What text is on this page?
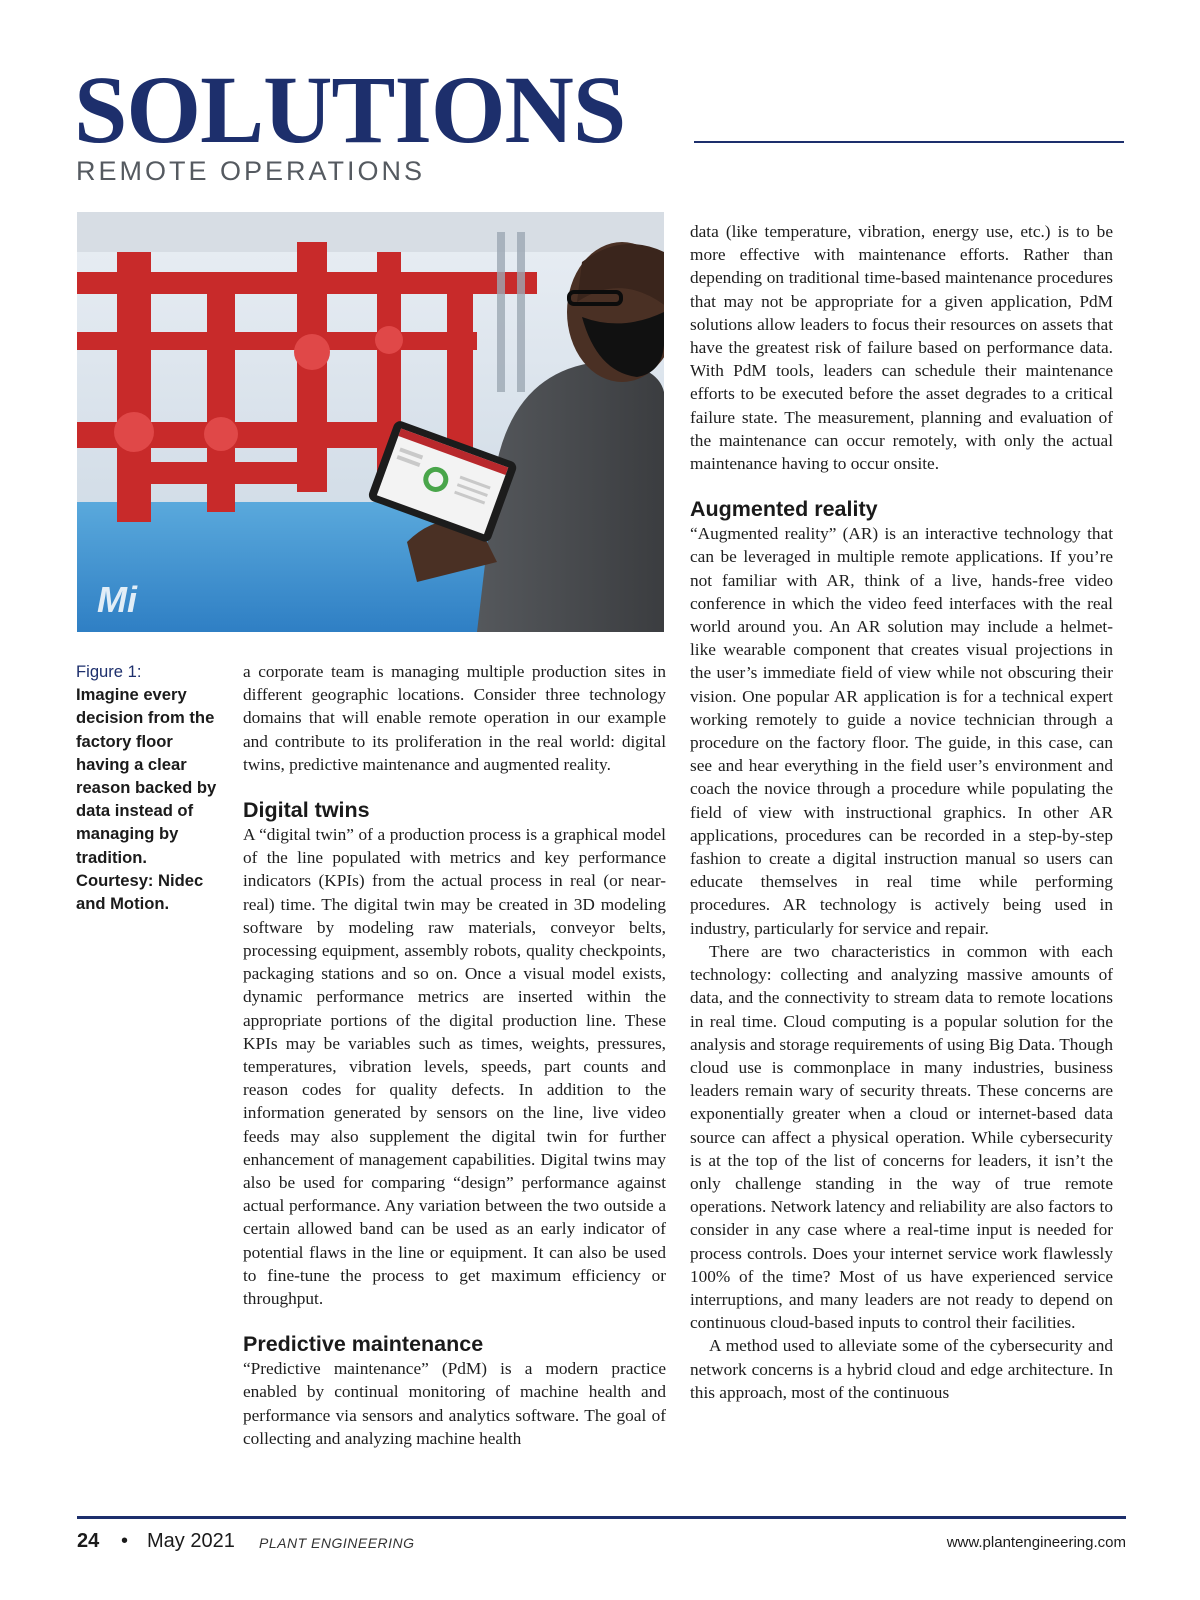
SOLUTIONS
REMOTE OPERATIONS
Mi
Figure 1:
Imagine every decision from the factory floor having a clear reason backed by data instead of managing by tradition. Courtesy: Nidec and Motion.

a corporate team is managing multiple production sites in different geographic locations. Consider three technology domains that will enable remote operation in our example and contribute to its proliferation in the real world: digital twins, predictive maintenance and augmented reality.

Digital twins

A “digital twin” of a production process is a graphical model of the line populated with metrics and key performance indicators (KPIs) from the actual process in real (or near-real) time. The digital twin may be created in 3D modeling software by modeling raw materials, conveyor belts, processing equipment, assembly robots, quality checkpoints, packaging stations and so on. Once a visual model exists, dynamic performance metrics are inserted within the appropriate portions of the digital production line. These KPIs may be variables such as times, weights, pressures, temperatures, vibration levels, speeds, part counts and reason codes for quality defects. In addition to the information generated by sensors on the line, live video feeds may also supplement the digital twin for further enhancement of management capabilities. Digital twins may also be used for comparing “design” performance against actual performance. Any variation between the two outside a certain allowed band can be used as an early indicator of potential flaws in the line or equipment. It can also be used to fine-tune the process to get maximum efficiency or throughput.

Predictive maintenance

“Predictive maintenance” (PdM) is a modern practice enabled by continual monitoring of machine health and performance via sensors and analytics software. The goal of collecting and analyzing machine health

data (like temperature, vibration, energy use, etc.) is to be more effective with maintenance efforts. Rather than depending on traditional time-based maintenance procedures that may not be appropriate for a given application, PdM solutions allow leaders to focus their resources on assets that have the greatest risk of failure based on performance data. With PdM tools, leaders can schedule their maintenance efforts to be executed before the asset degrades to a critical failure state. The measurement, planning and evaluation of the maintenance can occur remotely, with only the actual maintenance having to occur onsite.

Augmented reality

“Augmented reality” (AR) is an interactive technology that can be leveraged in multiple remote applications. If you’re not familiar with AR, think of a live, hands-free video conference in which the video feed interfaces with the real world around you. An AR solution may include a helmet-like wearable component that creates visual projections in the user’s immediate field of view while not obscuring their vision. One popular AR application is for a technical expert working remotely to guide a novice technician through a procedure on the factory floor. The guide, in this case, can see and hear everything in the field user’s environment and coach the novice through a procedure while populating the field of view with instructional graphics. In other AR applications, procedures can be recorded in a step-by-step fashion to create a digital instruction manual so users can educate themselves in real time while performing procedures. AR technology is actively being used in industry, particularly for service and repair.

There are two characteristics in common with each technology: collecting and analyzing massive amounts of data, and the connectivity to stream data to remote locations in real time. Cloud computing is a popular solution for the analysis and storage requirements of using Big Data. Though cloud use is commonplace in many industries, business leaders remain wary of security threats. These concerns are exponentially greater when a cloud or internet-based data source can affect a physical operation. While cybersecurity is at the top of the list of concerns for leaders, it isn’t the only challenge standing in the way of true remote operations. Network latency and reliability are also factors to consider in any case where a real-time input is needed for process controls. Does your internet service work flawlessly 100% of the time? Most of us have experienced service interruptions, and many leaders are not ready to depend on continuous cloud-based inputs to control their facilities.

A method used to alleviate some of the cybersecurity and network concerns is a hybrid cloud and edge architecture. In this approach, most of the continuous

24 • May 2021 PLANT ENGINEERING	www.plantengineering.com
